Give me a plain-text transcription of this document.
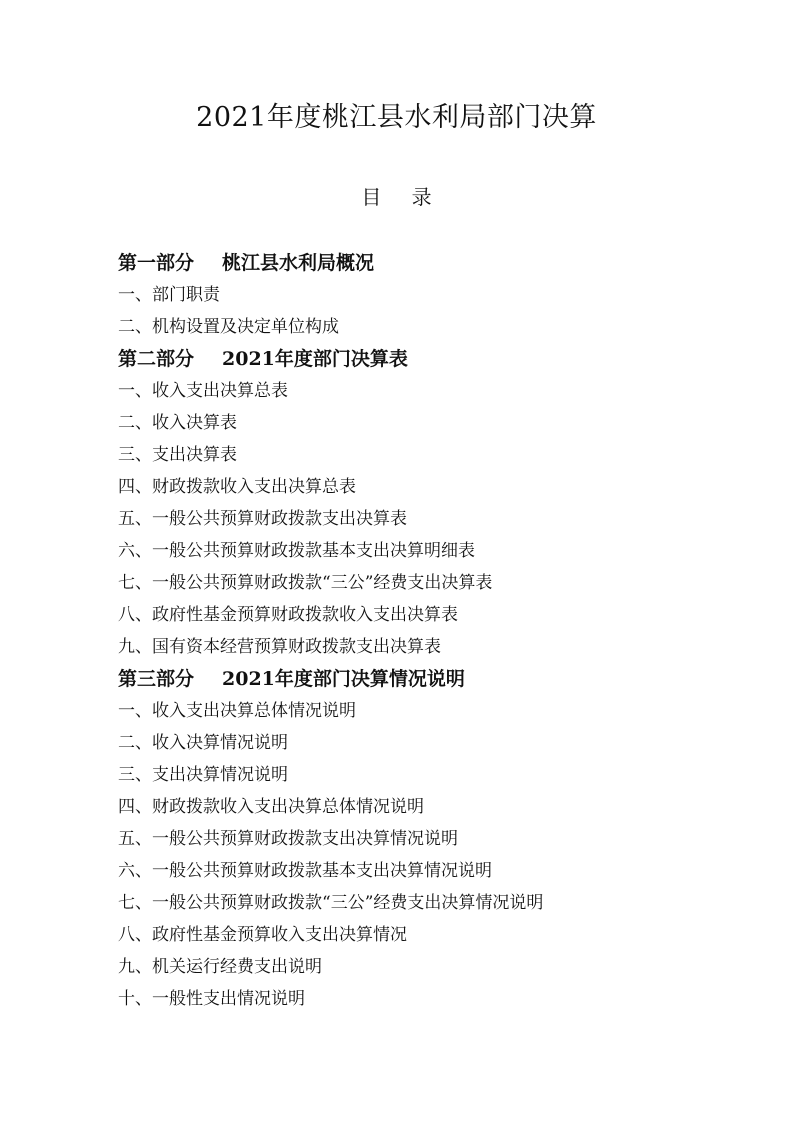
2021年度桃江县水利局部门决算
目 录
第一部分 桃江县水利局概况
一、部门职责
二、机构设置及决定单位构成
第二部分 2021年度部门决算表
一、收入支出决算总表
二、收入决算表
三、支出决算表
四、财政拨款收入支出决算总表
五、一般公共预算财政拨款支出决算表
六、一般公共预算财政拨款基本支出决算明细表
七、一般公共预算财政拨款“三公”经费支出决算表
八、政府性基金预算财政拨款收入支出决算表
九、国有资本经营预算财政拨款支出决算表
第三部分 2021年度部门决算情况说明
一、收入支出决算总体情况说明
二、收入决算情况说明
三、支出决算情况说明
四、财政拨款收入支出决算总体情况说明
五、一般公共预算财政拨款支出决算情况说明
六、一般公共预算财政拨款基本支出决算情况说明
七、一般公共预算财政拨款“三公”经费支出决算情况说明
八、政府性基金预算收入支出决算情况
九、机关运行经费支出说明
十、一般性支出情况说明
